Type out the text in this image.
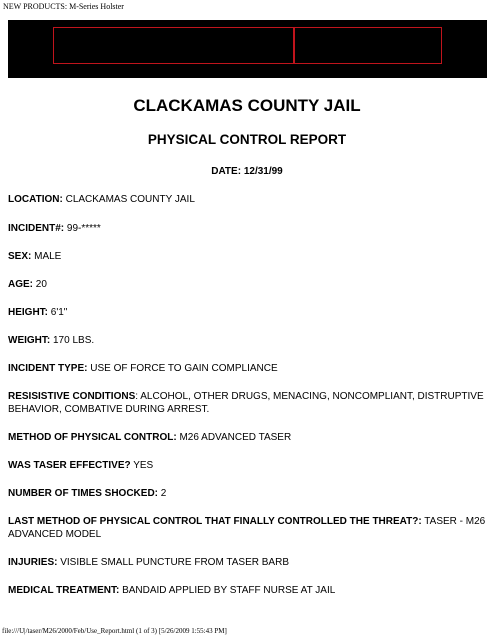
NEW PRODUCTS: M-Series Holster
CLACKAMAS COUNTY JAIL
PHYSICAL CONTROL REPORT
DATE: 12/31/99
LOCATION: CLACKAMAS COUNTY JAIL
INCIDENT#: 99-*****
SEX: MALE
AGE: 20
HEIGHT: 6'1"
WEIGHT: 170 LBS.
INCIDENT TYPE: USE OF FORCE TO GAIN COMPLIANCE
RESISISTIVE CONDITIONS: ALCOHOL, OTHER DRUGS, MENACING, NONCOMPLIANT, DISTRUPTIVE BEHAVIOR, COMBATIVE DURING ARREST.
METHOD OF PHYSICAL CONTROL: M26 ADVANCED TASER
WAS TASER EFFECTIVE? YES
NUMBER OF TIMES SHOCKED: 2
LAST METHOD OF PHYSICAL CONTROL THAT FINALLY CONTROLLED THE THREAT?: TASER - M26 ADVANCED MODEL
INJURIES: VISIBLE SMALL PUNCTURE FROM TASER BARB
MEDICAL TREATMENT: BANDAID APPLIED BY STAFF NURSE AT JAIL
file:///U|/taser/M26/2000/Feb/Use_Report.html (1 of 3) [5/26/2009 1:55:43 PM]
